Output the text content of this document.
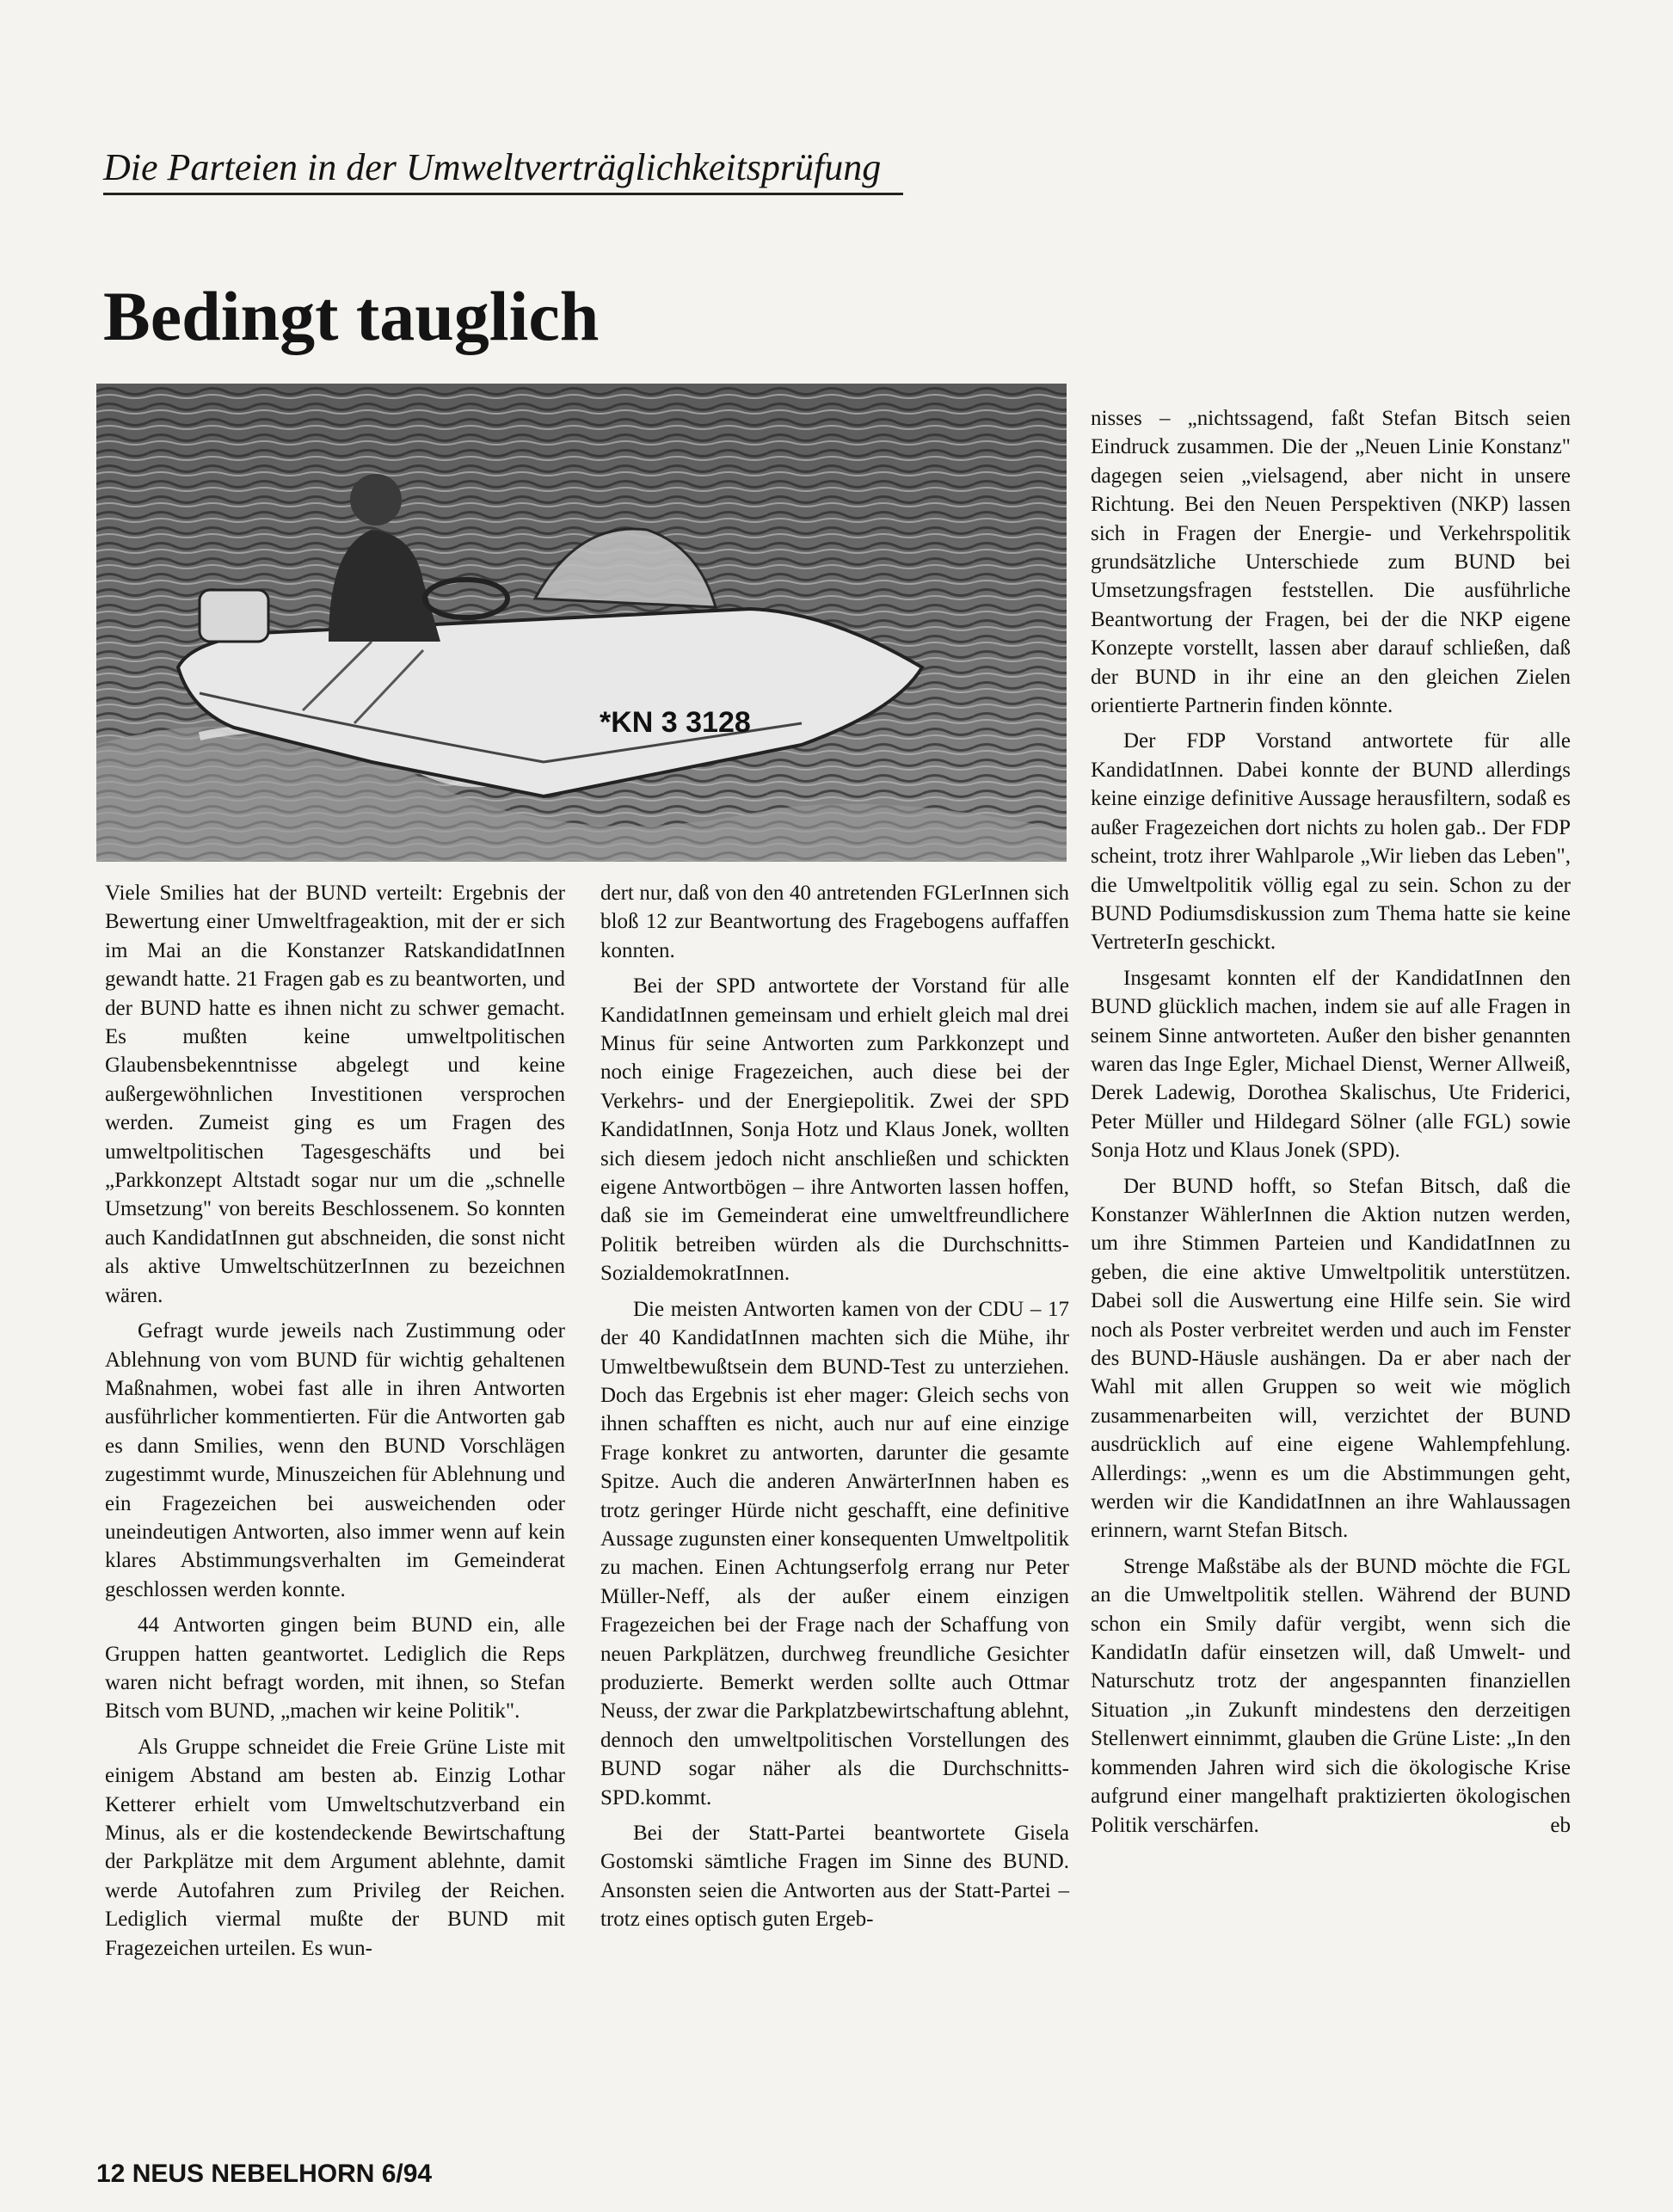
Die Parteien in der Umweltverträglichkeitsprüfung
Bedingt tauglich
*KN 3 3128

Viele Smilies hat der BUND verteilt: Ergebnis der Bewertung einer Umweltfrageaktion, mit der er sich im Mai an die Konstanzer RatskandidatInnen gewandt hatte. 21 Fragen gab es zu beantworten, und der BUND hatte es ihnen nicht zu schwer gemacht. Es mußten keine umweltpolitischen Glaubensbekenntnisse abgelegt und keine außergewöhnlichen Investitionen versprochen werden. Zumeist ging es um Fragen des umweltpolitischen Tagesgeschäfts und bei „Parkkonzept Altstadt sogar nur um die „schnelle Umsetzung" von bereits Beschlossenem. So konnten auch KandidatInnen gut abschneiden, die sonst nicht als aktive UmweltschützerInnen zu bezeichnen wären.

Gefragt wurde jeweils nach Zustimmung oder Ablehnung von vom BUND für wichtig gehaltenen Maßnahmen, wobei fast alle in ihren Antworten ausführlicher kommentierten. Für die Antworten gab es dann Smilies, wenn den BUND Vorschlägen zugestimmt wurde, Minuszeichen für Ablehnung und ein Fragezeichen bei ausweichenden oder uneindeutigen Antworten, also immer wenn auf kein klares Abstimmungsverhalten im Gemeinderat geschlossen werden konnte.

44 Antworten gingen beim BUND ein, alle Gruppen hatten geantwortet. Lediglich die Reps waren nicht befragt worden, mit ihnen, so Stefan Bitsch vom BUND, „machen wir keine Politik".

Als Gruppe schneidet die Freie Grüne Liste mit einigem Abstand am besten ab. Einzig Lothar Ketterer erhielt vom Umweltschutzverband ein Minus, als er die kostendeckende Bewirtschaftung der Parkplätze mit dem Argument ablehnte, damit werde Autofahren zum Privileg der Reichen. Lediglich viermal mußte der BUND mit Fragezeichen urteilen. Es wun-

dert nur, daß von den 40 antretenden FGLerInnen sich bloß 12 zur Beantwortung des Fragebogens auffaffen konnten.

Bei der SPD antwortete der Vorstand für alle KandidatInnen gemeinsam und erhielt gleich mal drei Minus für seine Antworten zum Parkkonzept und noch einige Fragezeichen, auch diese bei der Verkehrs- und der Energiepolitik. Zwei der SPD KandidatInnen, Sonja Hotz und Klaus Jonek, wollten sich diesem jedoch nicht anschließen und schickten eigene Antwortbögen – ihre Antworten lassen hoffen, daß sie im Gemeinderat eine umweltfreundlichere Politik betreiben würden als die Durchschnitts-SozialdemokratInnen.

Die meisten Antworten kamen von der CDU – 17 der 40 KandidatInnen machten sich die Mühe, ihr Umweltbewußtsein dem BUND-Test zu unterziehen. Doch das Ergebnis ist eher mager: Gleich sechs von ihnen schafften es nicht, auch nur auf eine einzige Frage konkret zu antworten, darunter die gesamte Spitze. Auch die anderen AnwärterInnen haben es trotz geringer Hürde nicht geschafft, eine definitive Aussage zugunsten einer konsequenten Umweltpolitik zu machen. Einen Achtungserfolg errang nur Peter Müller-Neff, als der außer einem einzigen Fragezeichen bei der Frage nach der Schaffung von neuen Parkplätzen, durchweg freundliche Gesichter produzierte. Bemerkt werden sollte auch Ottmar Neuss, der zwar die Parkplatzbewirtschaftung ablehnt, dennoch den umweltpolitischen Vorstellungen des BUND sogar näher als die Durchschnitts-SPD.kommt.

Bei der Statt-Partei beantwortete Gisela Gostomski sämtliche Fragen im Sinne des BUND. Ansonsten seien die Antworten aus der Statt-Partei – trotz eines optisch guten Ergeb-

nisses – „nichtssagend, faßt Stefan Bitsch seien Eindruck zusammen. Die der „Neuen Linie Konstanz" dagegen seien „vielsagend, aber nicht in unsere Richtung. Bei den Neuen Perspektiven (NKP) lassen sich in Fragen der Energie- und Verkehrspolitik grundsätzliche Unterschiede zum BUND bei Umsetzungsfragen feststellen. Die ausführliche Beantwortung der Fragen, bei der die NKP eigene Konzepte vorstellt, lassen aber darauf schließen, daß der BUND in ihr eine an den gleichen Zielen orientierte Partnerin finden könnte.

Der FDP Vorstand antwortete für alle KandidatInnen. Dabei konnte der BUND allerdings keine einzige definitive Aussage herausfiltern, sodaß es außer Fragezeichen dort nichts zu holen gab.. Der FDP scheint, trotz ihrer Wahlparole „Wir lieben das Leben", die Umweltpolitik völlig egal zu sein. Schon zu der BUND Podiumsdiskussion zum Thema hatte sie keine VertreterIn geschickt.

Insgesamt konnten elf der KandidatInnen den BUND glücklich machen, indem sie auf alle Fragen in seinem Sinne antworteten. Außer den bisher genannten waren das Inge Egler, Michael Dienst, Werner Allweiß, Derek Ladewig, Dorothea Skalischus, Ute Friderici, Peter Müller und Hildegard Sölner (alle FGL) sowie Sonja Hotz und Klaus Jonek (SPD).

Der BUND hofft, so Stefan Bitsch, daß die Konstanzer WählerInnen die Aktion nutzen werden, um ihre Stimmen Parteien und KandidatInnen zu geben, die eine aktive Umweltpolitik unterstützen. Dabei soll die Auswertung eine Hilfe sein. Sie wird noch als Poster verbreitet werden und auch im Fenster des BUND-Häusle aushängen. Da er aber nach der Wahl mit allen Gruppen so weit wie möglich zusammenarbeiten will, verzichtet der BUND ausdrücklich auf eine eigene Wahlempfehlung. Allerdings: „wenn es um die Abstimmungen geht, werden wir die KandidatInnen an ihre Wahlaussagen erinnern, warnt Stefan Bitsch.

Strenge Maßstäbe als der BUND möchte die FGL an die Umweltpolitik stellen. Während der BUND schon ein Smily dafür vergibt, wenn sich die KandidatIn dafür einsetzen will, daß Umwelt- und Naturschutz trotz der angespannten finanziellen Situation „in Zukunft mindestens den derzeitigen Stellenwert einnimmt, glauben die Grüne Liste: „In den kommenden Jahren wird sich die ökologische Krise aufgrund einer mangelhaft praktizierten ökologischen Politik verschärfen.	eb

12 NEUS NEBELHORN 6/94
